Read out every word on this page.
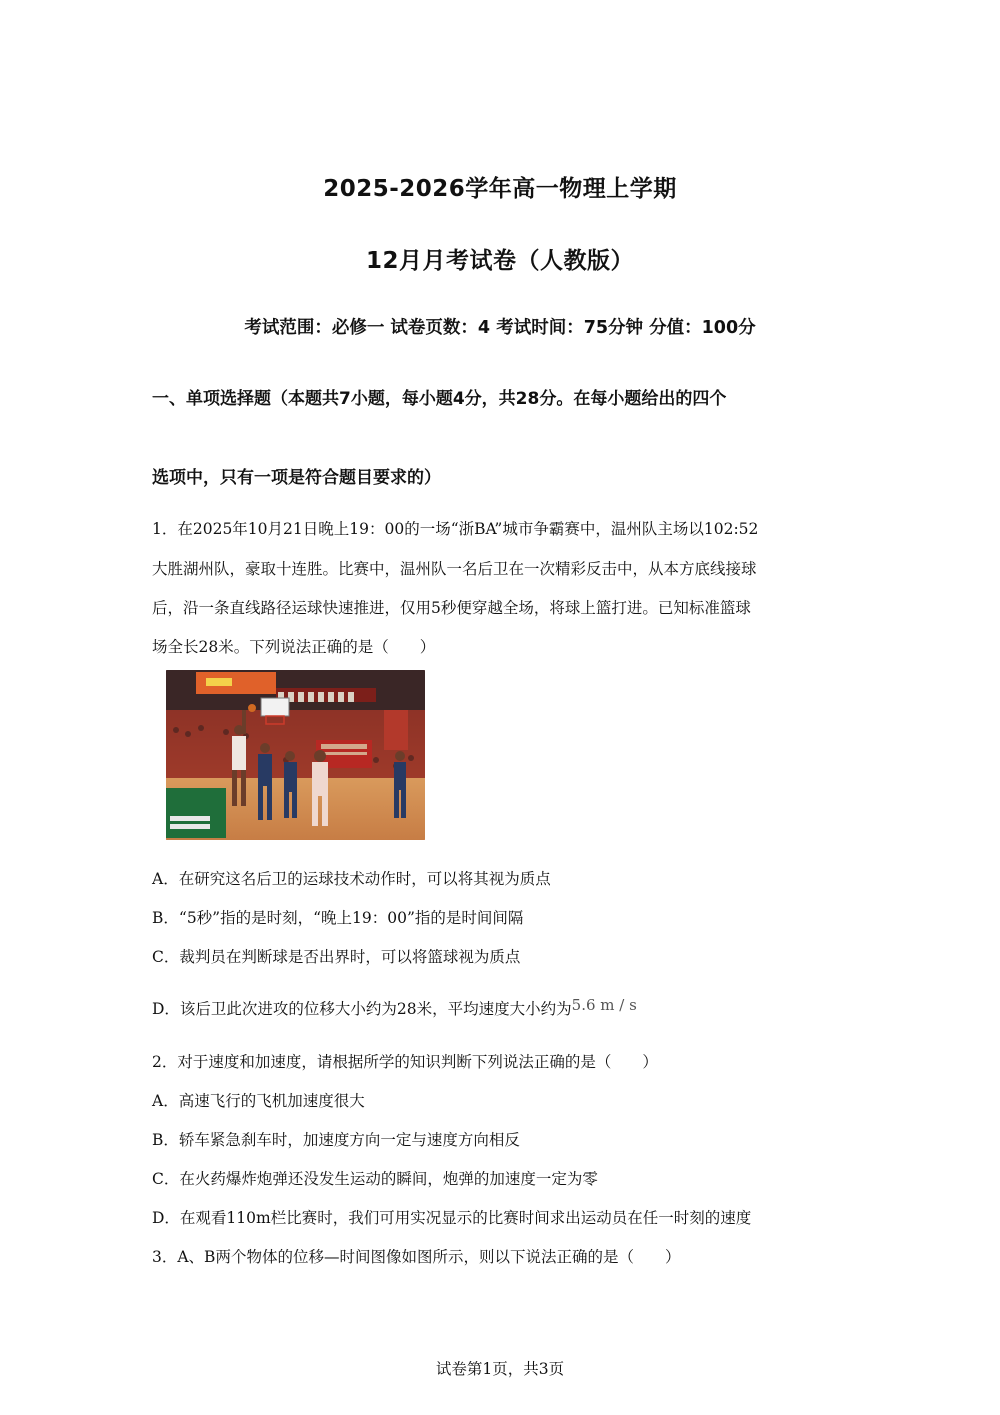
2025-2026学年高一物理上学期
12月月考试卷（人教版）
考试范围：必修一 试卷页数：4 考试时间：75分钟 分值：100分
一、单项选择题（本题共7小题，每小题4分，共28分。在每小题给出的四个
选项中，只有一项是符合题目要求的）
1．在2025年10月21日晚上19：00的一场“浙BA”城市争霸赛中，温州队主场以102:52
大胜湖州队，豪取十连胜。比赛中，温州队一名后卫在一次精彩反击中，从本方底线接球
后，沿一条直线路径运球快速推进，仅用5秒便穿越全场，将球上篮打进。已知标准篮球
场全长28米。下列说法正确的是（　　）
A．在研究这名后卫的运球技术动作时，可以将其视为质点
B．“5秒”指的是时刻，“晚上19：00”指的是时间间隔
C．裁判员在判断球是否出界时，可以将篮球视为质点
D．该后卫此次进攻的位移大小约为28米，平均速度大小约为5.6 m / s
2．对于速度和加速度，请根据所学的知识判断下列说法正确的是（　　）
A．高速飞行的飞机加速度很大
B．轿车紧急刹车时，加速度方向一定与速度方向相反
C．在火药爆炸炮弹还没发生运动的瞬间，炮弹的加速度一定为零
D．在观看110m栏比赛时，我们可用实况显示的比赛时间求出运动员在任一时刻的速度
3．A、B两个物体的位移—时间图像如图所示，则以下说法正确的是（　　）
试卷第1页，共3页
